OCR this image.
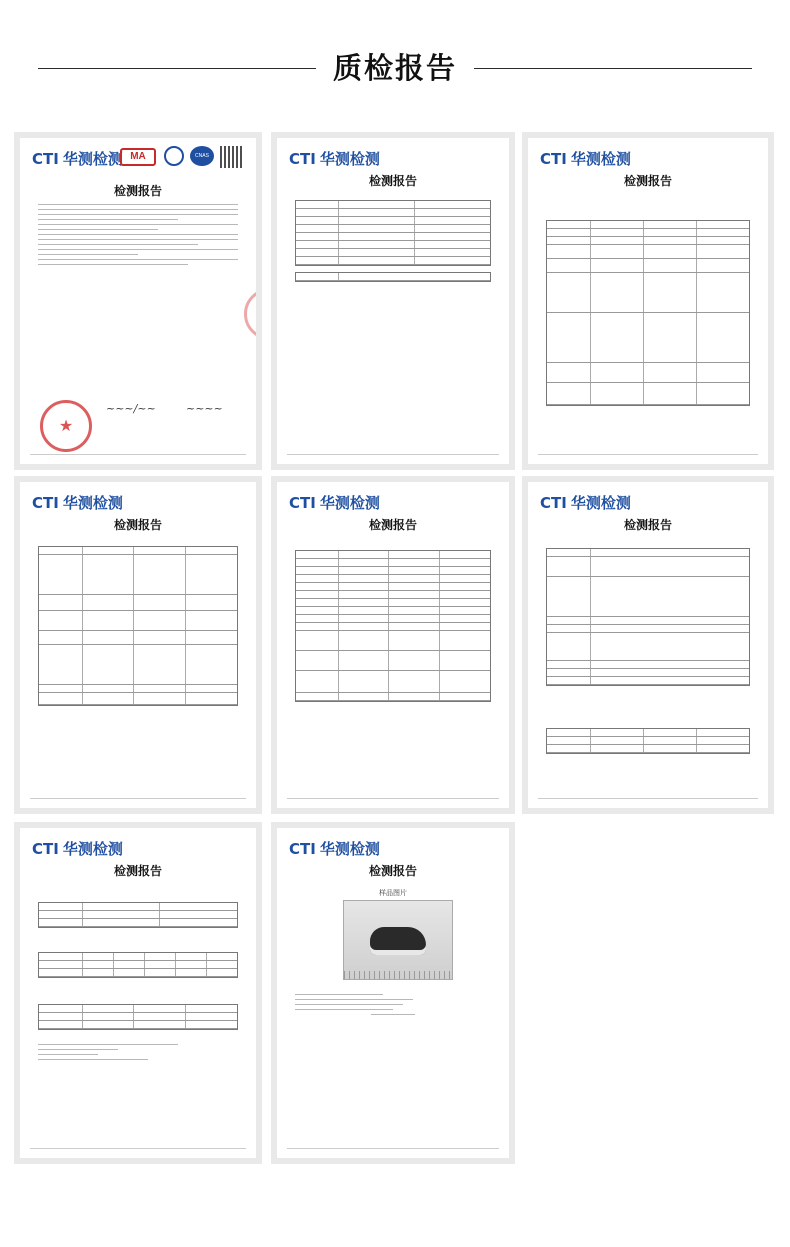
质检报告
CTI 华测检测 MA	CNAS
检测报告
★
★
~~~/~~	~~~~
CTI 华测检测
检测报告
CTI 华测检测
检测报告
CTI 华测检测
检测报告
CTI 华测检测
检测报告
CTI 华测检测
检测报告
CTI 华测检测
检测报告
CTI 华测检测
检测报告
样品图片
